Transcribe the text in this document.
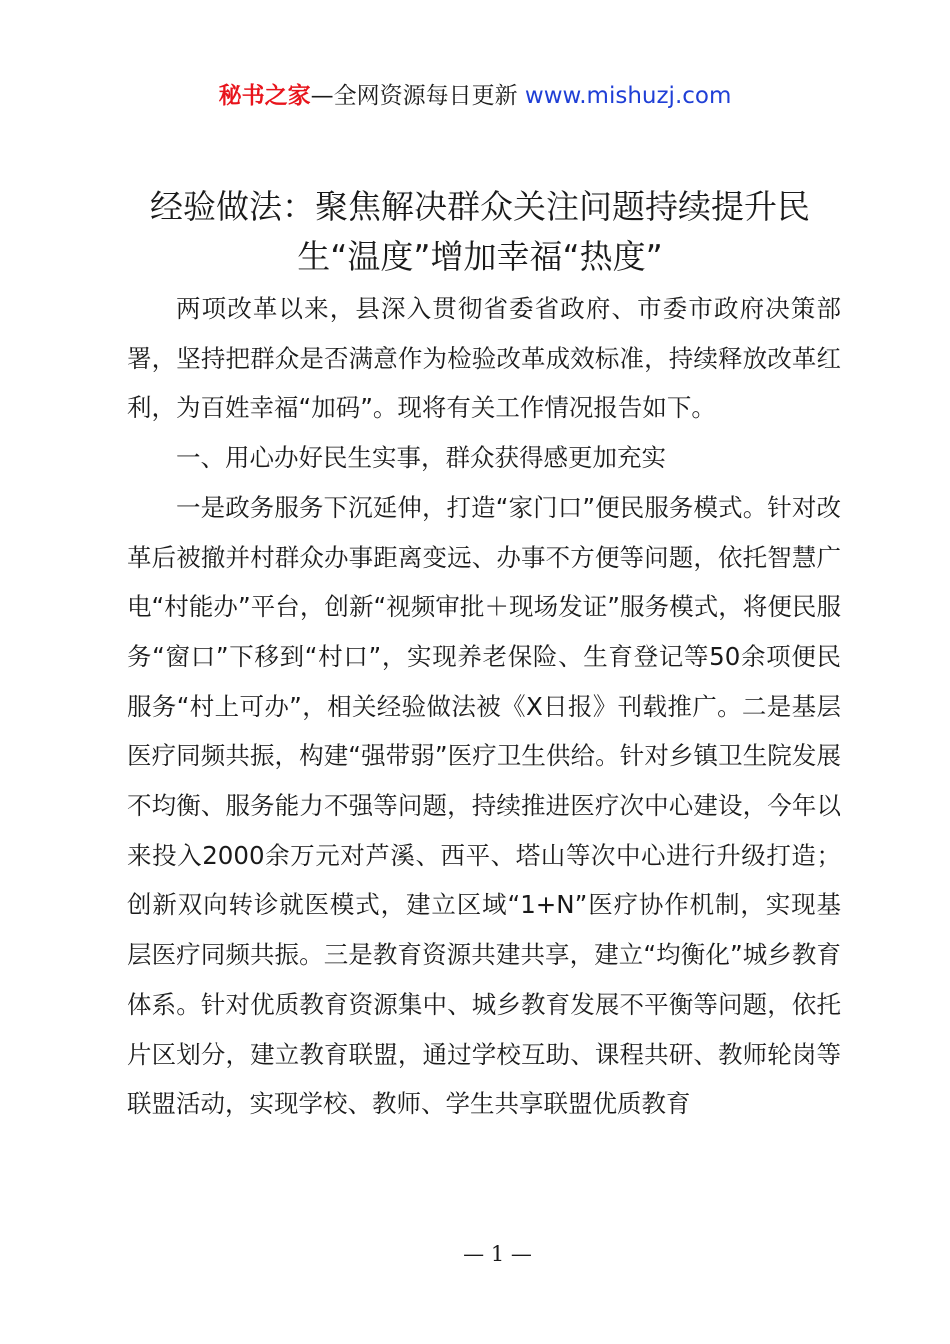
秘书之家—全网资源每日更新 www.mishuzj.com
经验做法：聚焦解决群众关注问题持续提升民生“温度”增加幸福“热度”

两项改革以来，县深入贯彻省委省政府、市委市政府决策部署，坚持把群众是否满意作为检验改革成效标准，持续释放改革红利，为百姓幸福“加码”。现将有关工作情况报告如下。

一、用心办好民生实事，群众获得感更加充实

一是政务服务下沉延伸，打造“家门口”便民服务模式。针对改革后被撤并村群众办事距离变远、办事不方便等问题，依托智慧广电“村能办”平台，创新“视频审批＋现场发证”服务模式，将便民服务“窗口”下移到“村口”，实现养老保险、生育登记等50余项便民服务“村上可办”，相关经验做法被《X日报》刊载推广。二是基层医疗同频共振，构建“强带弱”医疗卫生供给。针对乡镇卫生院发展不均衡、服务能力不强等问题，持续推进医疗次中心建设，今年以来投入2000余万元对芦溪、西平、塔山等次中心进行升级打造；创新双向转诊就医模式，建立区域“1+N”医疗协作机制，实现基层医疗同频共振。三是教育资源共建共享，建立“均衡化”城乡教育体系。针对优质教育资源集中、城乡教育发展不平衡等问题，依托片区划分，建立教育联盟，通过学校互助、课程共研、教师轮岗等联盟活动，实现学校、教师、学生共享联盟优质教育

— 1 —
